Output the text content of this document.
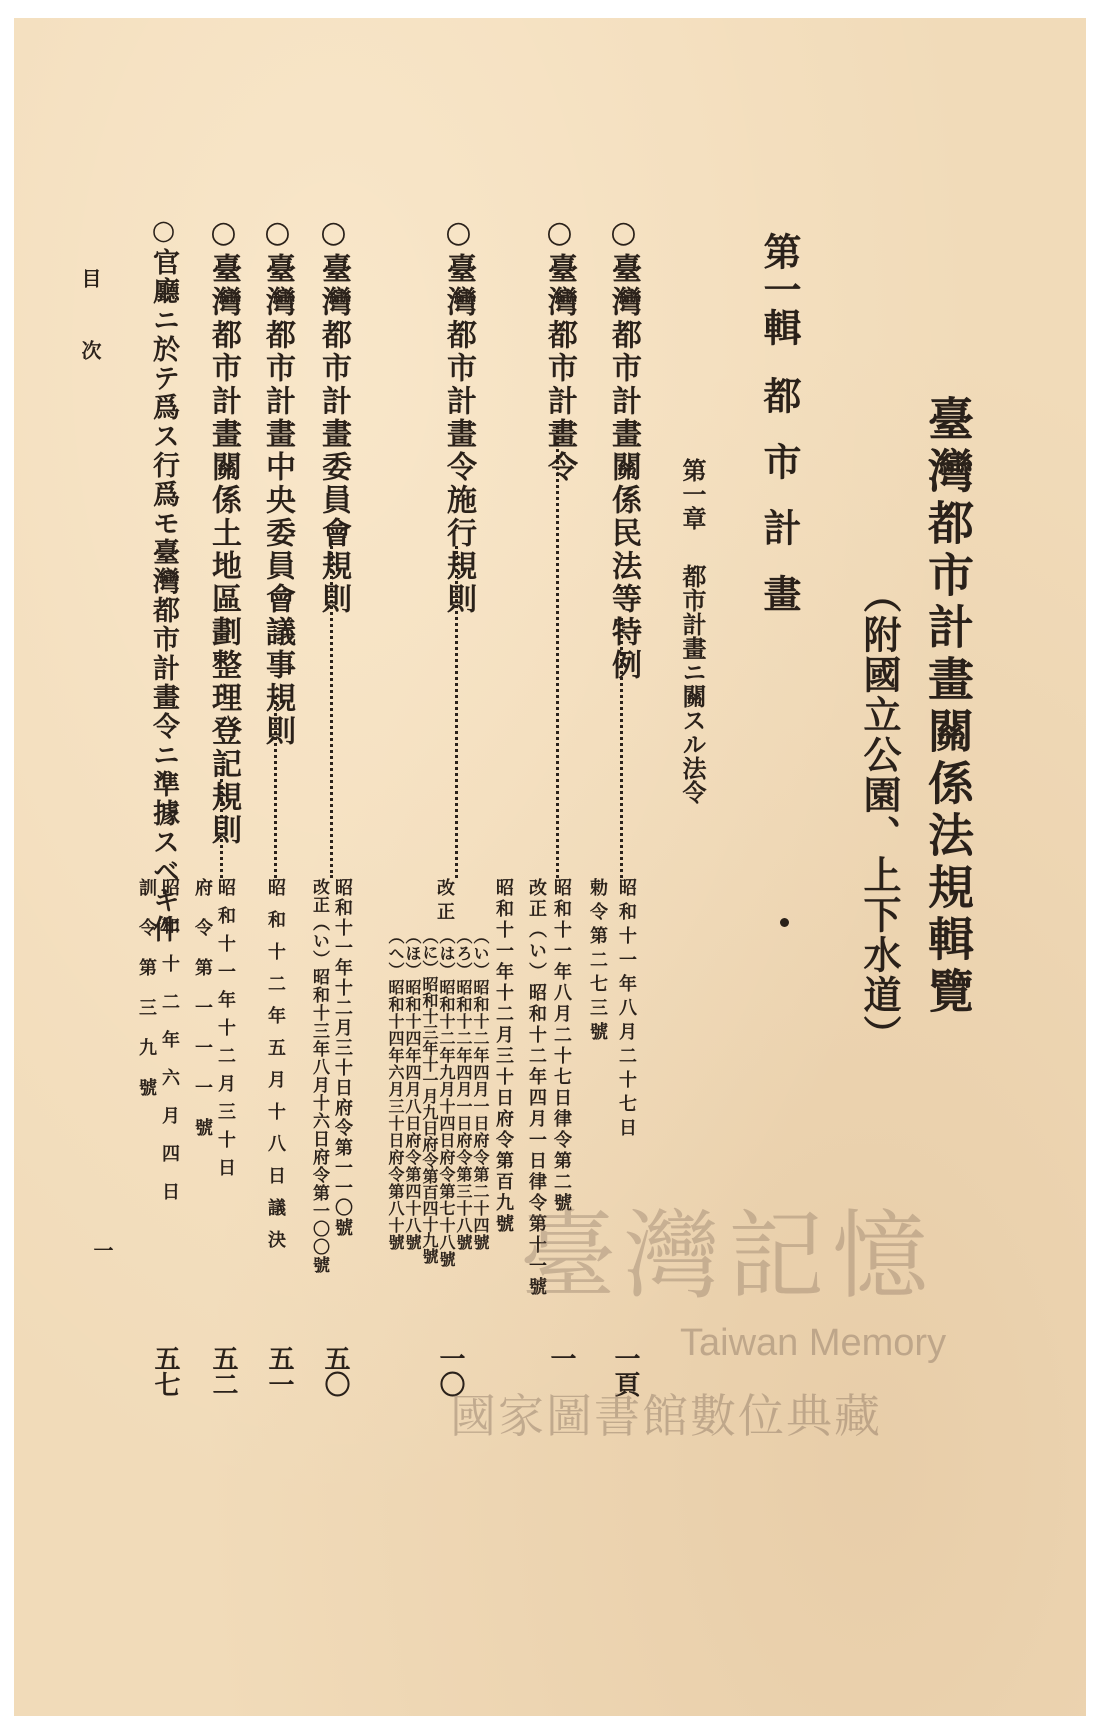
臺灣都市計畫關係法規輯覽
（附國立公園、上下水道）
第一輯都市計畫
第一章都市計畫ニ關スル法令
○臺灣都市計畫關係民法等特例
昭和十一年八月二十七日
勅令第二七三號
一頁
○臺灣都市計畫令
昭和十一年八月二十七日律令第二號
改正（い）昭和十二年四月一日律令第十一號
一
○臺灣都市計畫令施行規則
昭和十一年十二月三十日府令第百九號
改正
（い）昭和十二年四月一日府令第二十四號
（ろ）昭和十二年四月一日府令第三十八號
（は）昭和十二年九月十四日府令第七十八號
（に）昭和十三年十一月九日府令第百四十九號
（ほ）昭和十四年四月八日府令第四十八號
（へ）昭和十四年六月三十日府令第八十號
一〇
○臺灣都市計畫委員會規則
昭和十一年十二月三十日府令第一一〇號
改正（い）昭和十三年八月十六日府令第一〇〇號
五〇
○臺灣都市計畫中央委員會議事規則
昭和十二年五月十八日議決
五一
○臺灣都市計畫關係土地區劃整理登記規則
昭和十一年十二月三十日
府令第一一一號
五二
○官廳ニ於テ爲ス行爲モ臺灣都市計畫令ニ準據スベキ件
昭和十二年六月四日
訓令第三九號
五七
目次
一	臺灣記憶
Taiwan Memory
國家圖書館數位典藏
